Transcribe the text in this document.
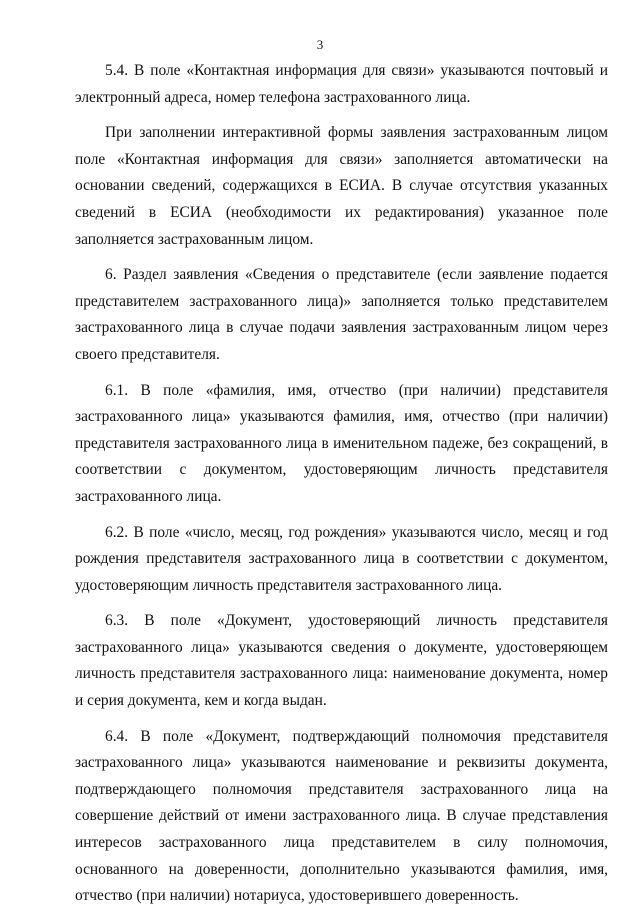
3

5.4. В поле «Контактная информация для связи» указываются почтовый и электронный адреса, номер телефона застрахованного лица.

При заполнении интерактивной формы заявления застрахованным лицом поле «Контактная информация для связи» заполняется автоматически на основании сведений, содержащихся в ЕСИА. В случае отсутствия указанных сведений в ЕСИА (необходимости их редактирования) указанное поле заполняется застрахованным лицом.

6. Раздел заявления «Сведения о представителе (если заявление подается представителем застрахованного лица)» заполняется только представителем застрахованного лица в случае подачи заявления застрахованным лицом через своего представителя.

6.1. В поле «фамилия, имя, отчество (при наличии) представителя застрахованного лица» указываются фамилия, имя, отчество (при наличии) представителя застрахованного лица в именительном падеже, без сокращений, в соответствии с документом, удостоверяющим личность представителя застрахованного лица.

6.2. В поле «число, месяц, год рождения» указываются число, месяц и год рождения представителя застрахованного лица в соответствии с документом, удостоверяющим личность представителя застрахованного лица.

6.3. В поле «Документ, удостоверяющий личность представителя застрахованного лица» указываются сведения о документе, удостоверяющем личность представителя застрахованного лица: наименование документа, номер и серия документа, кем и когда выдан.

6.4. В поле «Документ, подтверждающий полномочия представителя застрахованного лица» указываются наименование и реквизиты документа, подтверждающего полномочия представителя застрахованного лица на совершение действий от имени застрахованного лица. В случае представления интересов застрахованного лица представителем в силу полномочия, основанного на доверенности, дополнительно указываются фамилия, имя, отчество (при наличии) нотариуса, удостоверившего доверенность.
